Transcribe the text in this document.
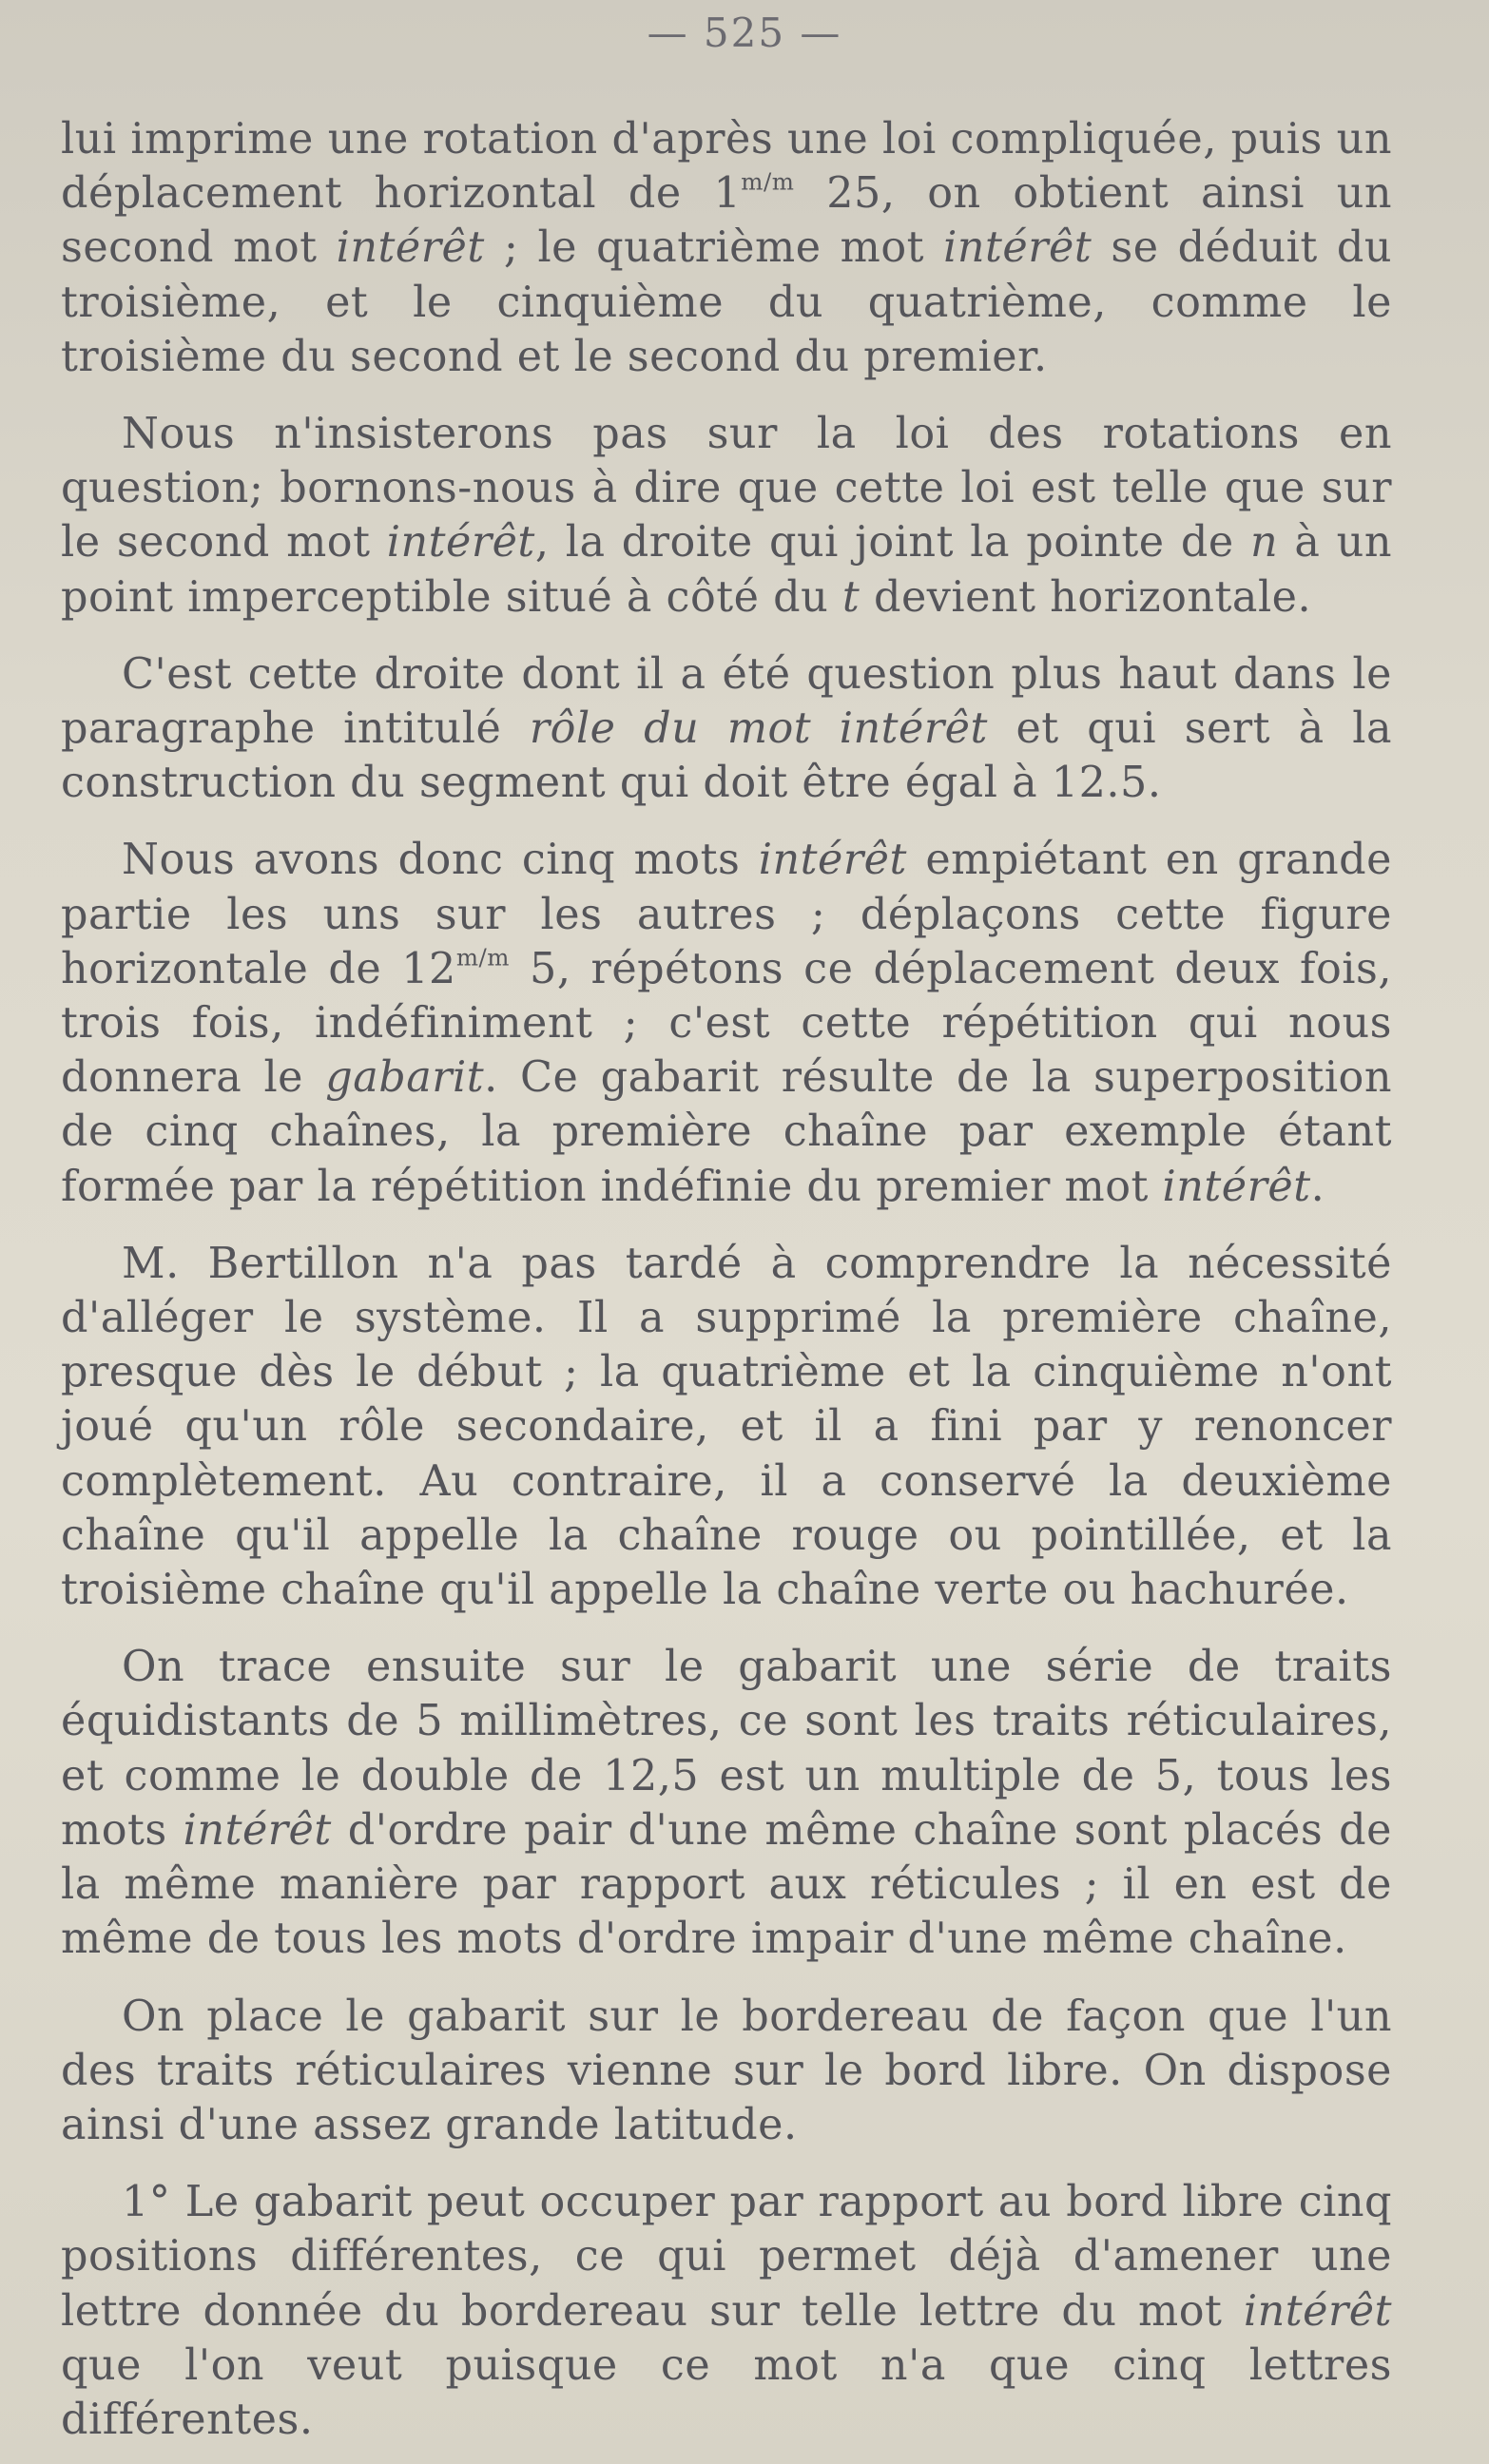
— 525 —

lui imprime une rotation d'après une loi compliquée, puis un déplacement horizontal de $1^{m/m}$ 25, on obtient ainsi un second mot intérêt ; le quatrième mot intérêt se déduit du troisième, et le cinquième du quatrième, comme le troisième du second et le second du premier.

Nous n'insisterons pas sur la loi des rotations en question; bornons-nous à dire que cette loi est telle que sur le second mot intérêt, la droite qui joint la pointe de n à un point imperceptible situé à côté du t devient horizontale.

C'est cette droite dont il a été question plus haut dans le paragraphe intitulé rôle du mot intérêt et qui sert à la construction du segment qui doit être égal à 12.5.

Nous avons donc cinq mots intérêt empiétant en grande partie les uns sur les autres ; déplaçons cette figure horizontale de $12^{m/m}$ 5, répétons ce déplacement deux fois, trois fois, indéfiniment ; c'est cette répétition qui nous donnera le gabarit. Ce gabarit résulte de la superposition de cinq chaînes, la première chaîne par exemple étant formée par la répétition indéfinie du premier mot intérêt.

M. Bertillon n'a pas tardé à comprendre la nécessité d'alléger le système. Il a supprimé la première chaîne, presque dès le début ; la quatrième et la cinquième n'ont joué qu'un rôle secondaire, et il a fini par y renoncer complètement. Au contraire, il a conservé la deuxième chaîne qu'il appelle la chaîne rouge ou pointillée, et la troisième chaîne qu'il appelle la chaîne verte ou hachurée.

On trace ensuite sur le gabarit une série de traits équidistants de 5 millimètres, ce sont les traits réticulaires, et comme le double de 12,5 est un multiple de 5, tous les mots intérêt d'ordre pair d'une même chaîne sont placés de la même manière par rapport aux réticules ; il en est de même de tous les mots d'ordre impair d'une même chaîne.

On place le gabarit sur le bordereau de façon que l'un des traits réticulaires vienne sur le bord libre. On dispose ainsi d'une assez grande latitude.

1° Le gabarit peut occuper par rapport au bord libre cinq positions différentes, ce qui permet déjà d'amener une lettre donnée du bordereau sur telle lettre du mot intérêt que l'on veut puisque ce mot n'a que cinq lettres différentes.
